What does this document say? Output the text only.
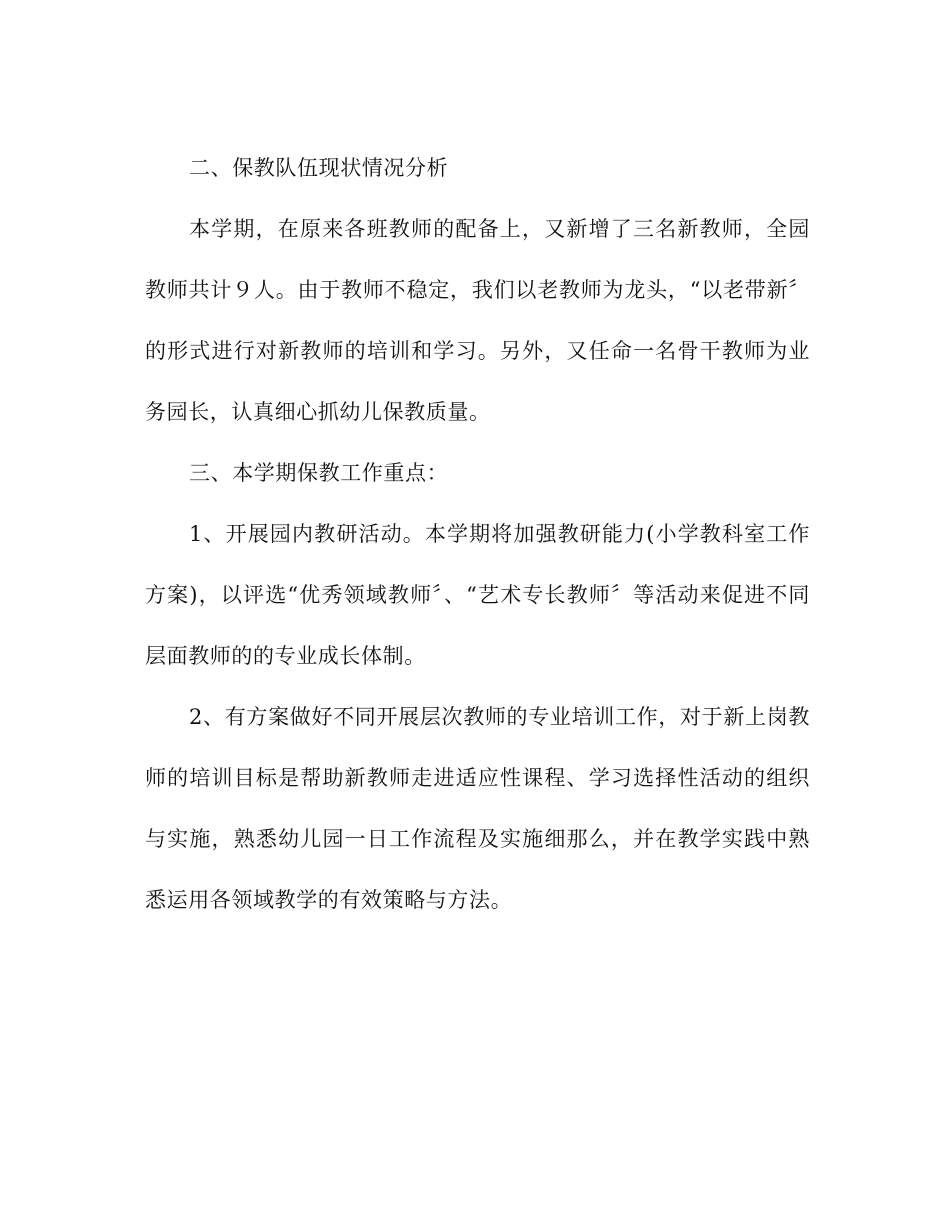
二、保教队伍现状情况分析

本学期，在原来各班教师的配备上，又新增了三名新教师，全园教师共计９人。由于教师不稳定，我们以老教师为龙头，“以老带新〞的形式进行对新教师的培训和学习。另外，又任命一名骨干教师为业务园长，认真细心抓幼儿保教质量。

三、本学期保教工作重点：

1、开展园内教研活动。本学期将加强教研能力(小学教科室工作方案)，以评选“优秀领域教师〞、“艺术专长教师〞等活动来促进不同层面教师的的专业成长体制。

2、有方案做好不同开展层次教师的专业培训工作，对于新上岗教师的培训目标是帮助新教师走进适应性课程、学习选择性活动的组织与实施，熟悉幼儿园一日工作流程及实施细那么，并在教学实践中熟悉运用各领域教学的有效策略与方法。
